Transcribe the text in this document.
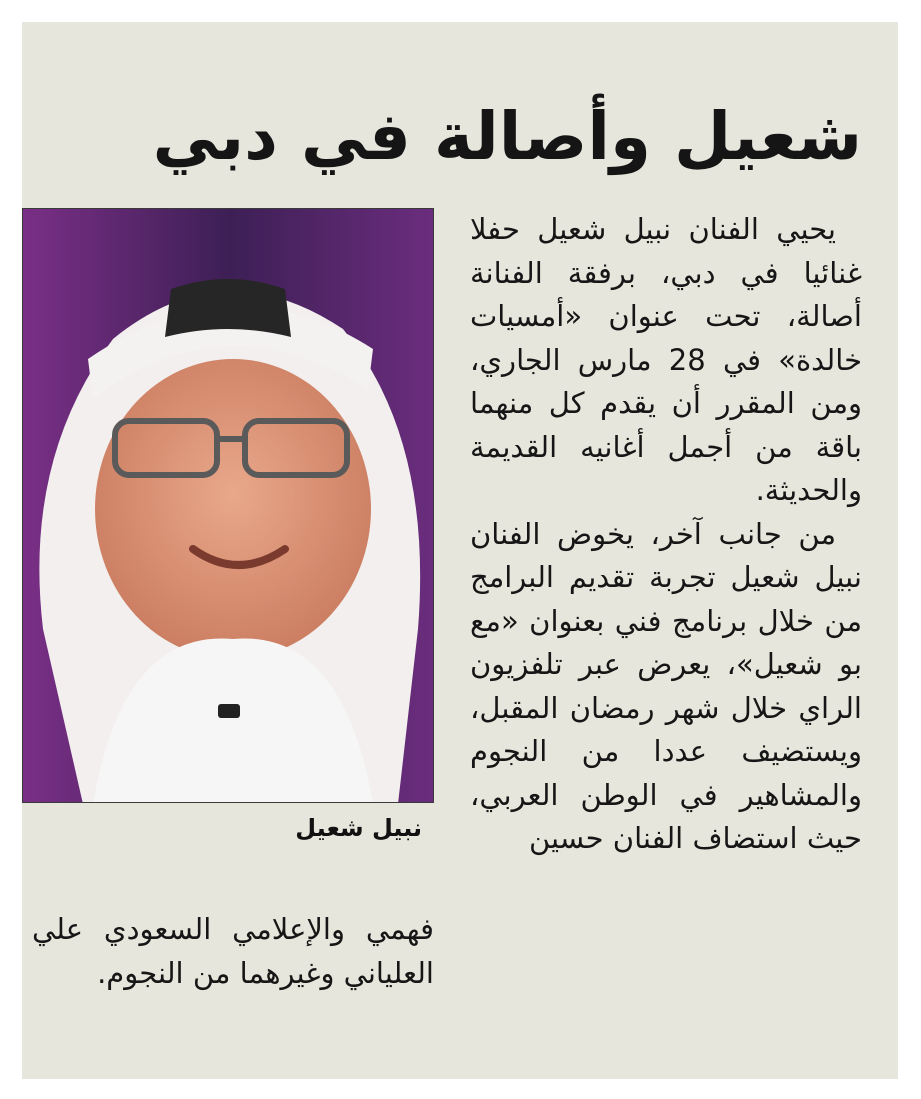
شعيل وأصالة في دبي
نبيل شعيل

يحيي الفنان نبيل شعيل حفلا غنائيا في دبي، برفقة الفنانة أصالة، تحت عنوان «أمسيات خالدة» في 28 مارس الجاري، ومن المقرر أن يقدم كل منهما باقة من أجمل أغانيه القديمة والحديثة.

من جانب آخر، يخوض الفنان نبيل شعيل تجربة تقديم البرامج من خلال برنامج فني بعنوان «مع بو شعيل»، يعرض عبر تلفزيون الراي خلال شهر رمضان المقبل، ويستضيف عددا من النجوم والمشاهير في الوطن العربي، حيث استضاف الفنان حسين

فهمي والإعلامي السعودي علي العلياني وغيرهما من النجوم.
